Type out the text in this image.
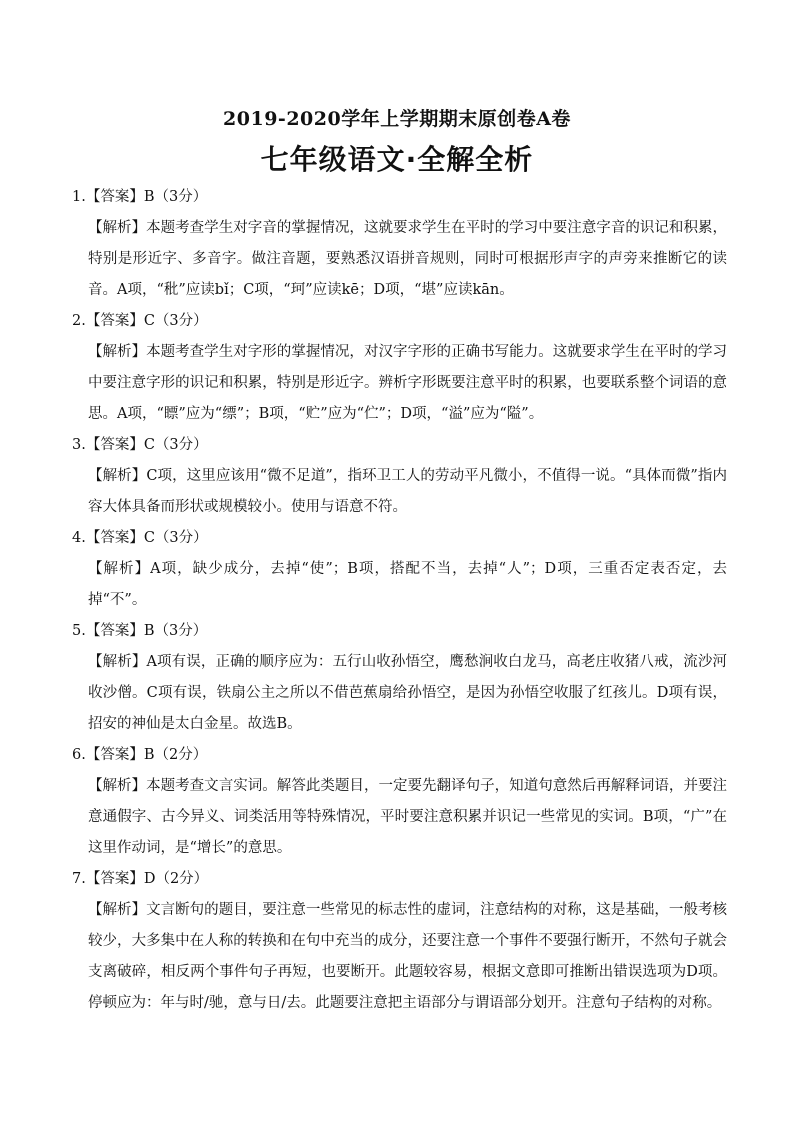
2019-2020学年上学期期末原创卷A卷
七年级语文·全解全析
1.【答案】B（3分）
【解析】本题考查学生对字音的掌握情况，这就要求学生在平时的学习中要注意字音的识记和积累，特别是形近字、多音字。做注音题，要熟悉汉语拼音规则，同时可根据形声字的声旁来推断它的读音。A项，“秕”应读bǐ；C项，“珂”应读kē；D项，“堪”应读kān。
2.【答案】C（3分）
【解析】本题考查学生对字形的掌握情况，对汉字字形的正确书写能力。这就要求学生在平时的学习中要注意字形的识记和积累，特别是形近字。辨析字形既要注意平时的积累，也要联系整个词语的意思。A项，“瞟”应为“缥”；B项，“贮”应为“伫”；D项，“溢”应为“隘”。
3.【答案】C（3分）
【解析】C项，这里应该用“微不足道”，指环卫工人的劳动平凡微小，不值得一说。“具体而微”指内容大体具备而形状或规模较小。使用与语意不符。
4.【答案】C（3分）
【解析】A项，缺少成分，去掉“使”；B项，搭配不当，去掉“人”；D项，三重否定表否定，去掉“不”。
5.【答案】B（3分）
【解析】A项有误，正确的顺序应为：五行山收孙悟空，鹰愁涧收白龙马，高老庄收猪八戒，流沙河收沙僧。C项有误，铁扇公主之所以不借芭蕉扇给孙悟空，是因为孙悟空收服了红孩儿。D项有误，招安的神仙是太白金星。故选B。
6.【答案】B（2分）
【解析】本题考查文言实词。解答此类题目，一定要先翻译句子，知道句意然后再解释词语，并要注意通假字、古今异义、词类活用等特殊情况，平时要注意积累并识记一些常见的实词。B项，“广”在这里作动词，是“增长”的意思。
7.【答案】D（2分）
【解析】文言断句的题目，要注意一些常见的标志性的虚词，注意结构的对称，这是基础，一般考核较少，大多集中在人称的转换和在句中充当的成分，还要注意一个事件不要强行断开，不然句子就会支离破碎，相反两个事件句子再短，也要断开。此题较容易，根据文意即可推断出错误选项为D项。停顿应为：年与时/驰，意与日/去。此题要注意把主语部分与谓语部分划开。注意句子结构的对称。
